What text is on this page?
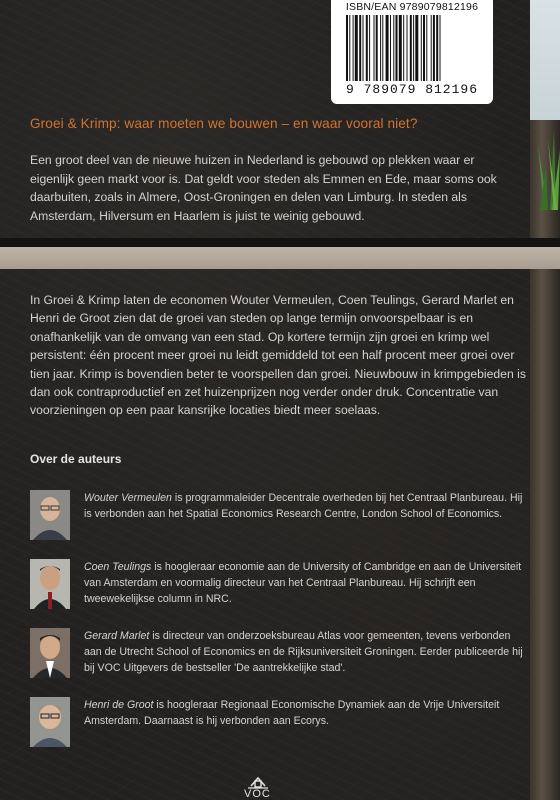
ISBN/EAN 9789079812196
9 789079 812196
Groei & Krimp: waar moeten we bouwen – en waar vooral niet?

Een groot deel van de nieuwe huizen in Nederland is gebouwd op plekken waar er eigenlijk geen markt voor is. Dat geldt voor steden als Emmen en Ede, maar soms ook daarbuiten, zoals in Almere, Oost-Groningen en delen van Limburg. In steden als Amsterdam, Hilversum en Haarlem is juist te weinig gebouwd.

In Groei & Krimp laten de economen Wouter Vermeulen, Coen Teulings, Gerard Marlet en Henri de Groot zien dat de groei van steden op lange termijn onvoorspelbaar is en onafhankelijk van de omvang van een stad. Op kortere termijn zijn groei en krimp wel persistent: één procent meer groei nu leidt gemiddeld tot een half procent meer groei over tien jaar. Krimp is bovendien beter te voorspellen dan groei. Nieuwbouw in krimpgebieden is dan ook contraproductief en zet huizenprijzen nog verder onder druk. Concentratie van voorzieningen op een paar kansrijke locaties biedt meer soelaas.

Over de auteurs
Wouter Vermeulen is programmaleider Decentrale overheden bij het Centraal Planbureau. Hij is verbonden aan het Spatial Economics Research Centre, London School of Economics.
Coen Teulings is hoogleraar economie aan de University of Cambridge en aan de Universiteit van Amsterdam en voormalig directeur van het Centraal Planbureau. Hij schrijft een tweewekelijkse column in NRC.
Gerard Marlet is directeur van onderzoeksbureau Atlas voor gemeenten, tevens verbonden aan de Utrecht School of Economics en de Rijksuniversiteit Groningen. Eerder publiceerde hij bij VOC Uitgevers de bestseller 'De aantrekkelijke stad'.
Henri de Groot is hoogleraar Regionaal Economische Dynamiek aan de Vrije Universiteit Amsterdam. Daarnaast is hij verbonden aan Ecorys.
VOC
